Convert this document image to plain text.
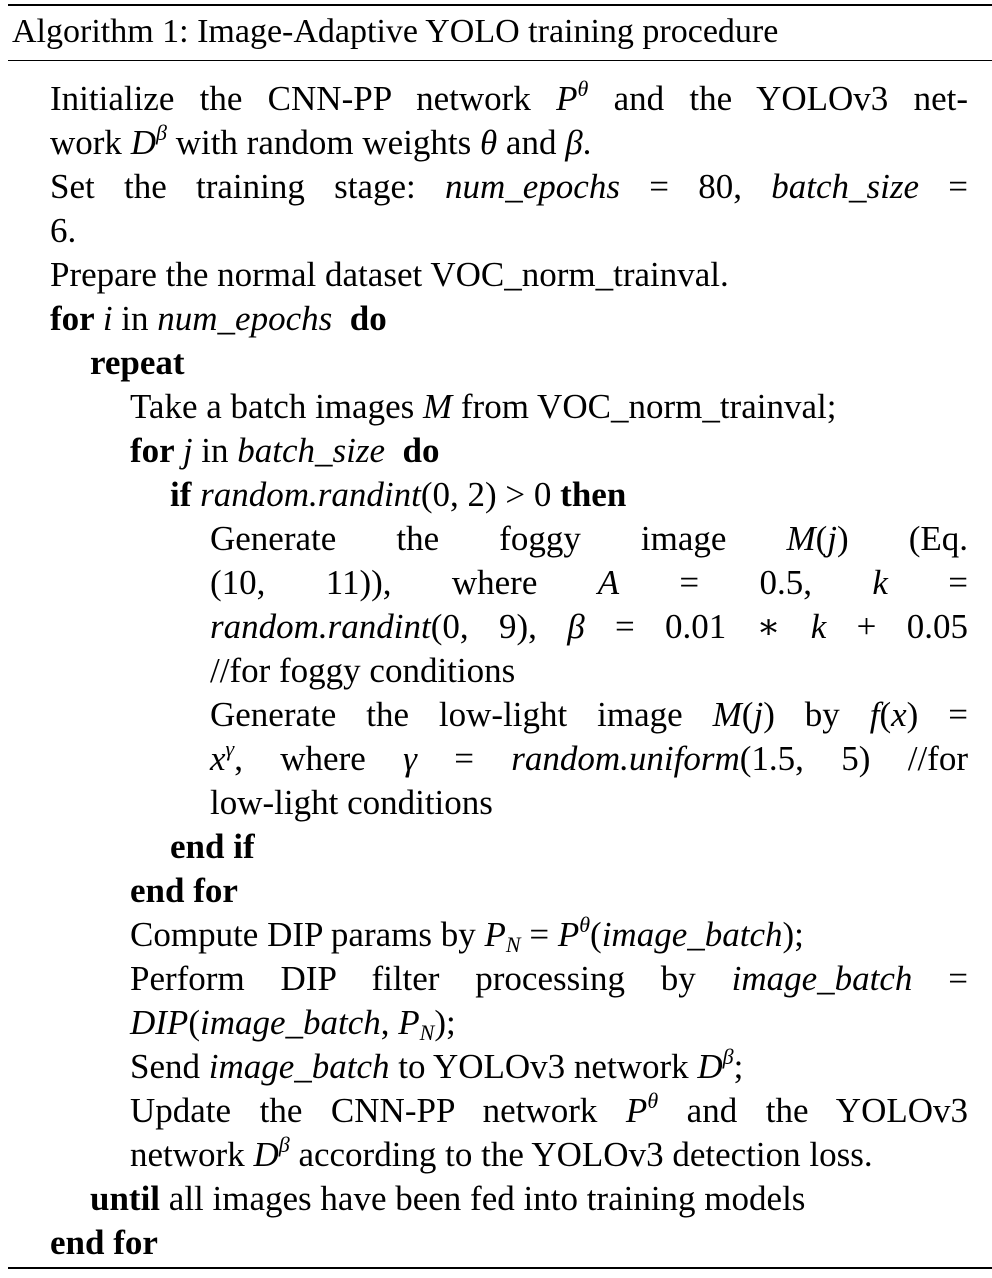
Algorithm 1: Image-Adaptive YOLO training procedure
Initialize the CNN-PP network $P^\theta$ and the YOLOv3 net-
work $D^\beta$ with random weights θ and β.
Set the training stage: num_epochs = 80, batch_size =
6.
Prepare the normal dataset VOC_norm_trainval.
for i in num_epochs  do
repeat
Take a batch images M from VOC_norm_trainval;
for j in batch_size  do
if random.randint(0, 2) > 0 then
Generate the foggy image M(j) (Eq.
(10, 11)), where A = 0.5, k =
random.randint(0, 9), β = 0.01 ∗ k + 0.05
//for foggy conditions
Generate the low-light image M(j) by f(x) =
$x^\gamma$, where γ = random.uniform(1.5, 5) //for
low-light conditions
end if
end for
Compute DIP params by $P_N$ = $P^\theta(image\_batch)$;
Perform DIP filter processing by image_batch =
DIP(image_batch, $P_N$);
Send image_batch to YOLOv3 network $D^\beta$;
Update the CNN-PP network $P^\theta$ and the YOLOv3
network $D^\beta$ according to the YOLOv3 detection loss.
until all images have been fed into training models
end for
